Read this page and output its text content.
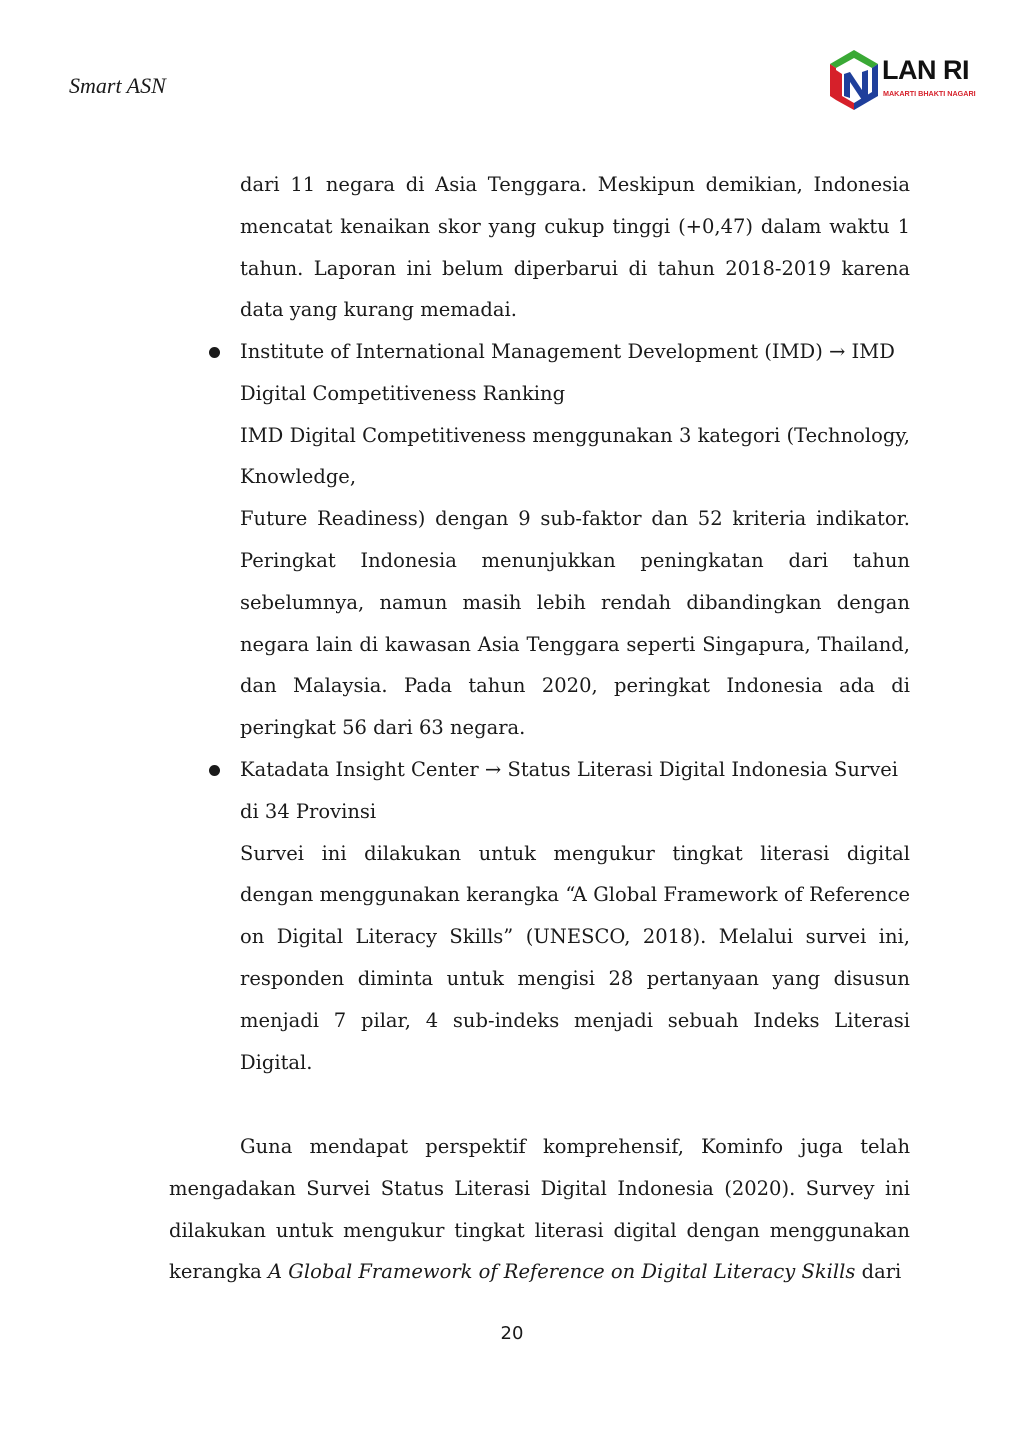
Smart ASN
LAN RI
MAKARTI BHAKTI NAGARI

dari 11 negara di Asia Tenggara. Meskipun demikian, Indonesia mencatat kenaikan skor yang cukup tinggi (+0,47) dalam waktu 1 tahun. Laporan ini belum diperbarui di tahun 2018-2019 karena data yang kurang memadai.

Institute of International Management Development (IMD) → IMD Digital Competitiveness Ranking

IMD Digital Competitiveness menggunakan 3 kategori (Technology, Knowledge,

Future Readiness) dengan 9 sub-faktor dan 52 kriteria indikator. Peringkat Indonesia menunjukkan peningkatan dari tahun sebelumnya, namun masih lebih rendah dibandingkan dengan negara lain di kawasan Asia Tenggara seperti Singapura, Thailand, dan Malaysia. Pada tahun 2020, peringkat Indonesia ada di peringkat 56 dari 63 negara.

Katadata Insight Center → Status Literasi Digital Indonesia Survei di 34 Provinsi

Survei ini dilakukan untuk mengukur tingkat literasi digital dengan menggunakan kerangka “A Global Framework of Reference on Digital Literacy Skills” (UNESCO, 2018). Melalui survei ini, responden diminta untuk mengisi 28 pertanyaan yang disusun menjadi 7 pilar, 4 sub-indeks menjadi sebuah Indeks Literasi Digital.

Guna mendapat perspektif komprehensif, Kominfo juga telah mengadakan Survei Status Literasi Digital Indonesia (2020). Survey ini dilakukan untuk mengukur tingkat literasi digital dengan menggunakan kerangka A Global Framework of Reference on Digital Literacy Skills dari

20
